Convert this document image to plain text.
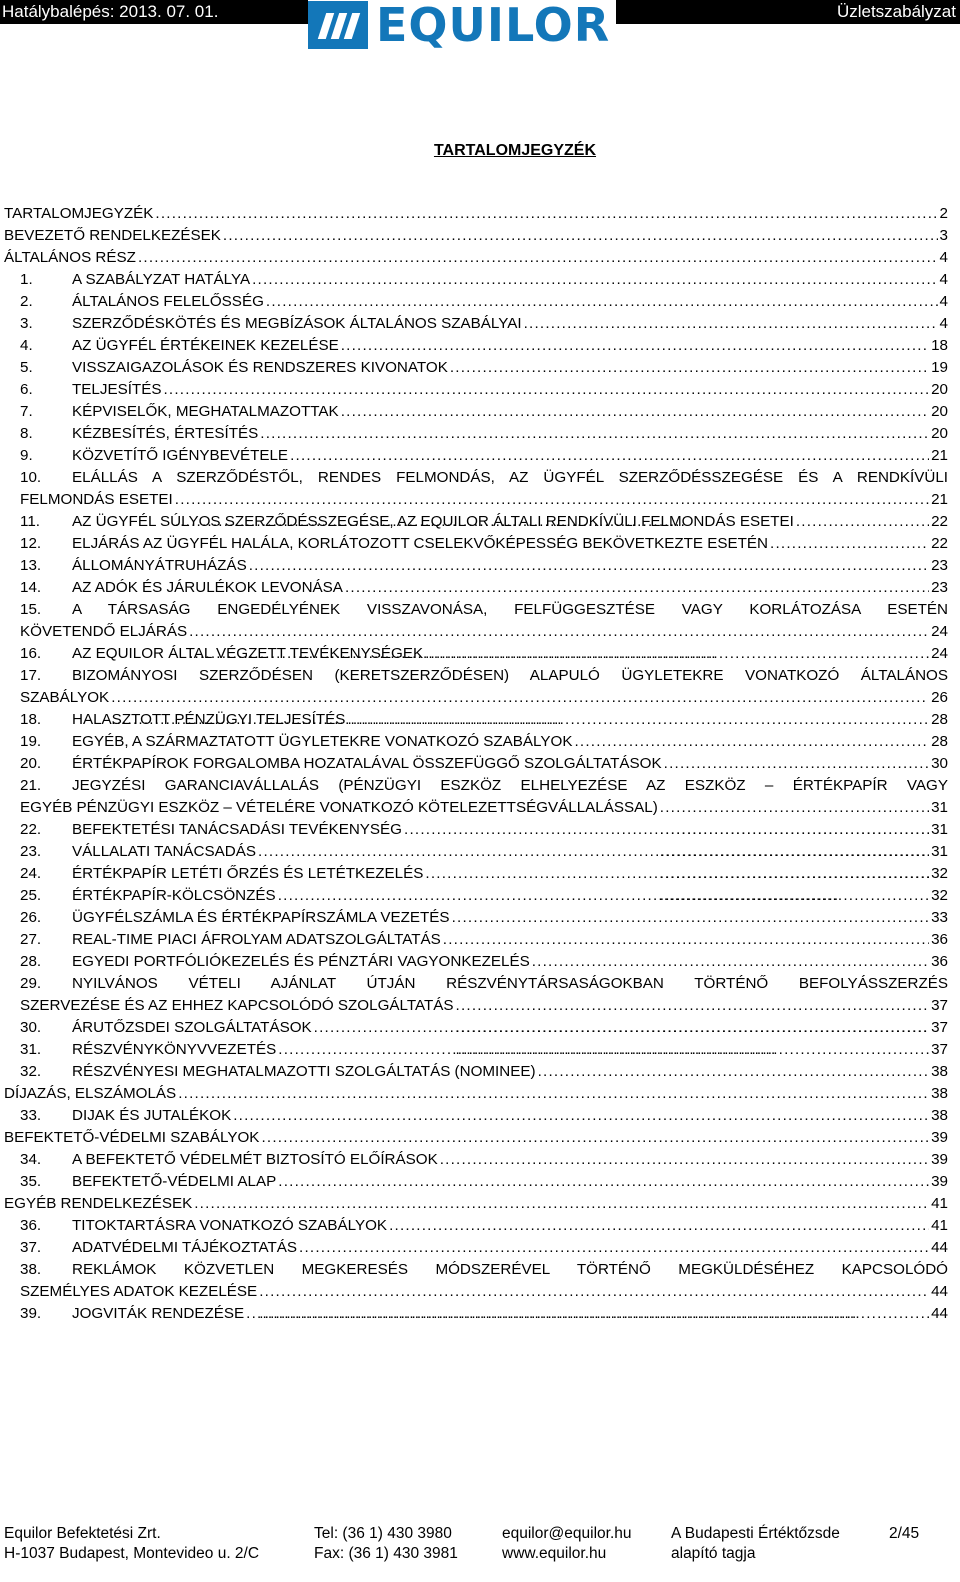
Hatálybalépés: 2013. 07. 01.	Üzletszabályzat
EQUILOR
TARTALOMJEGYZÉK
TARTALOMJEGYZÉK . . .	2
BEVEZETŐ RENDELKEZÉSEK . . .	3
ÁLTALÁNOS RÉSZ . . .	4
1.	A SZABÁLYZAT HATÁLYA . . .	4
2.	ÁLTALÁNOS FELELŐSSÉG . . .	4
3.	SZERZŐDÉSKÖTÉS ÉS MEGBÍZÁSOK ÁLTALÁNOS SZABÁLYAI . . .	4
4.	AZ ÜGYFÉL ÉRTÉKEINEK KEZELÉSE . . .	18
5.	VISSZAIGAZOLÁSOK ÉS RENDSZERES KIVONATOK . . .	19
6.	TELJESÍTÉS . . .	20
7.	KÉPVISELŐK, MEGHATALMAZOTTAK . . .	20
8.	KÉZBESÍTÉS, ÉRTESÍTÉS . . .	20
9.	KÖZVETÍTŐ IGÉNYBEVÉTELE . . .	21
10.	ELÁLLÁS A SZERZŐDÉSTŐL, RENDES FELMONDÁS, AZ ÜGYFÉL SZERZŐDÉSSZEGÉSE ÉS A RENDKÍVÜLI
FELMONDÁS ESETEI . . .	21
11.	AZ ÜGYFÉL SÚLYOS SZERZŐDÉSSZEGÉSE, AZ EQUILOR ÁLTALI RENDKÍVÜLI FELMONDÁS ESETEI . . .	22
12.	ELJÁRÁS AZ ÜGYFÉL HALÁLA, KORLÁTOZOTT CSELEKVŐKÉPESSÉG BEKÖVETKEZTE ESETÉN . . .	22
13.	ÁLLOMÁNYÁTRUHÁZÁS . . .	23
14.	AZ ADÓK ÉS JÁRULÉKOK LEVONÁSA . . .	23
15.	A TÁRSASÁG ENGEDÉLYÉNEK VISSZAVONÁSA, FELFÜGGESZTÉSE VAGY KORLÁTOZÁSA ESETÉN
KÖVETENDŐ ELJÁRÁS . . .	24
16.	AZ EQUILOR ÁLTAL VÉGZETT TEVÉKENYSÉGEK . . .	24
17.	BIZOMÁNYOSI SZERZŐDÉSEN (KERETSZERZŐDÉSEN) ALAPULÓ ÜGYLETEKRE VONATKOZÓ ÁLTALÁNOS
SZABÁLYOK . . .	26
18.	HALASZTOTT PÉNZÜGYI TELJESÍTÉS . . .	28
19.	EGYÉB, A SZÁRMAZTATOTT ÜGYLETEKRE VONATKOZÓ SZABÁLYOK . . .	28
20.	ÉRTÉKPAPÍROK FORGALOMBA HOZATALÁVAL ÖSSZEFÜGGŐ SZOLGÁLTATÁSOK . . .	30
21.	JEGYZÉSI GARANCIAVÁLLALÁS (PÉNZÜGYI ESZKÖZ ELHELYEZÉSE AZ ESZKÖZ – ÉRTÉKPAPÍR VAGY
EGYÉB PÉNZÜGYI ESZKÖZ – VÉTELÉRE VONATKOZÓ KÖTELEZETTSÉGVÁLLALÁSSAL) . . .	31
22.	BEFEKTETÉSI TANÁCSADÁSI TEVÉKENYSÉG . . .	31
23.	VÁLLALATI TANÁCSADÁS . . .	31
24.	ÉRTÉKPAPÍR LETÉTI ŐRZÉS ÉS LETÉTKEZELÉS . . .	32
25.	ÉRTÉKPAPÍR-KÖLCSÖNZÉS . . .	32
26.	ÜGYFÉLSZÁMLA ÉS ÉRTÉKPAPÍRSZÁMLA VEZETÉS . . .	33
27.	REAL-TIME PIACI ÁFROLYAM ADATSZOLGÁLTATÁS . . .	36
28.	EGYEDI PORTFÓLIÓKEZELÉS ÉS PÉNZTÁRI VAGYONKEZELÉS . . .	36
29.	NYILVÁNOS VÉTELI AJÁNLAT ÚTJÁN RÉSZVÉNYTÁRSASÁGOKBAN TÖRTÉNŐ BEFOLYÁSSZERZÉS
SZERVEZÉSE ÉS AZ EHHEZ KAPCSOLÓDÓ SZOLGÁLTATÁS . . .	37
30.	ÁRUTŐZSDEI SZOLGÁLTATÁSOK . . .	37
31.	RÉSZVÉNYKÖNYVVEZETÉS . . .	37
32.	RÉSZVÉNYESI MEGHATALMAZOTTI SZOLGÁLTATÁS (NOMINEE) . . .	38
DÍJAZÁS, ELSZÁMOLÁS . . .	38
33.	DIJAK ÉS JUTALÉKOK . . .	38
BEFEKTETŐ-VÉDELMI SZABÁLYOK . . .	39
34.	A BEFEKTETŐ VÉDELMÉT BIZTOSÍTÓ ELŐÍRÁSOK . . .	39
35.	BEFEKTETŐ-VÉDELMI ALAP . . .	39
EGYÉB RENDELKEZÉSEK . . .	41
36.	TITOKTARTÁSRA VONATKOZÓ SZABÁLYOK . . .	41
37.	ADATVÉDELMI TÁJÉKOZTATÁS . . .	44
38.	REKLÁMOK KÖZVETLEN MEGKERESÉS MÓDSZERÉVEL TÖRTÉNŐ MEGKÜLDÉSÉHEZ KAPCSOLÓDÓ
SZEMÉLYES ADATOK KEZELÉSE . . .	44
39.	JOGVITÁK RENDEZÉSE . . .	44
Equilor Befektetési Zrt.
H-1037 Budapest, Montevideo u. 2/C
Tel: (36 1) 430 3980
Fax: (36 1) 430 3981
equilor@equilor.hu
www.equilor.hu
A Budapesti Értéktőzsde
alapító tagja
2/45
